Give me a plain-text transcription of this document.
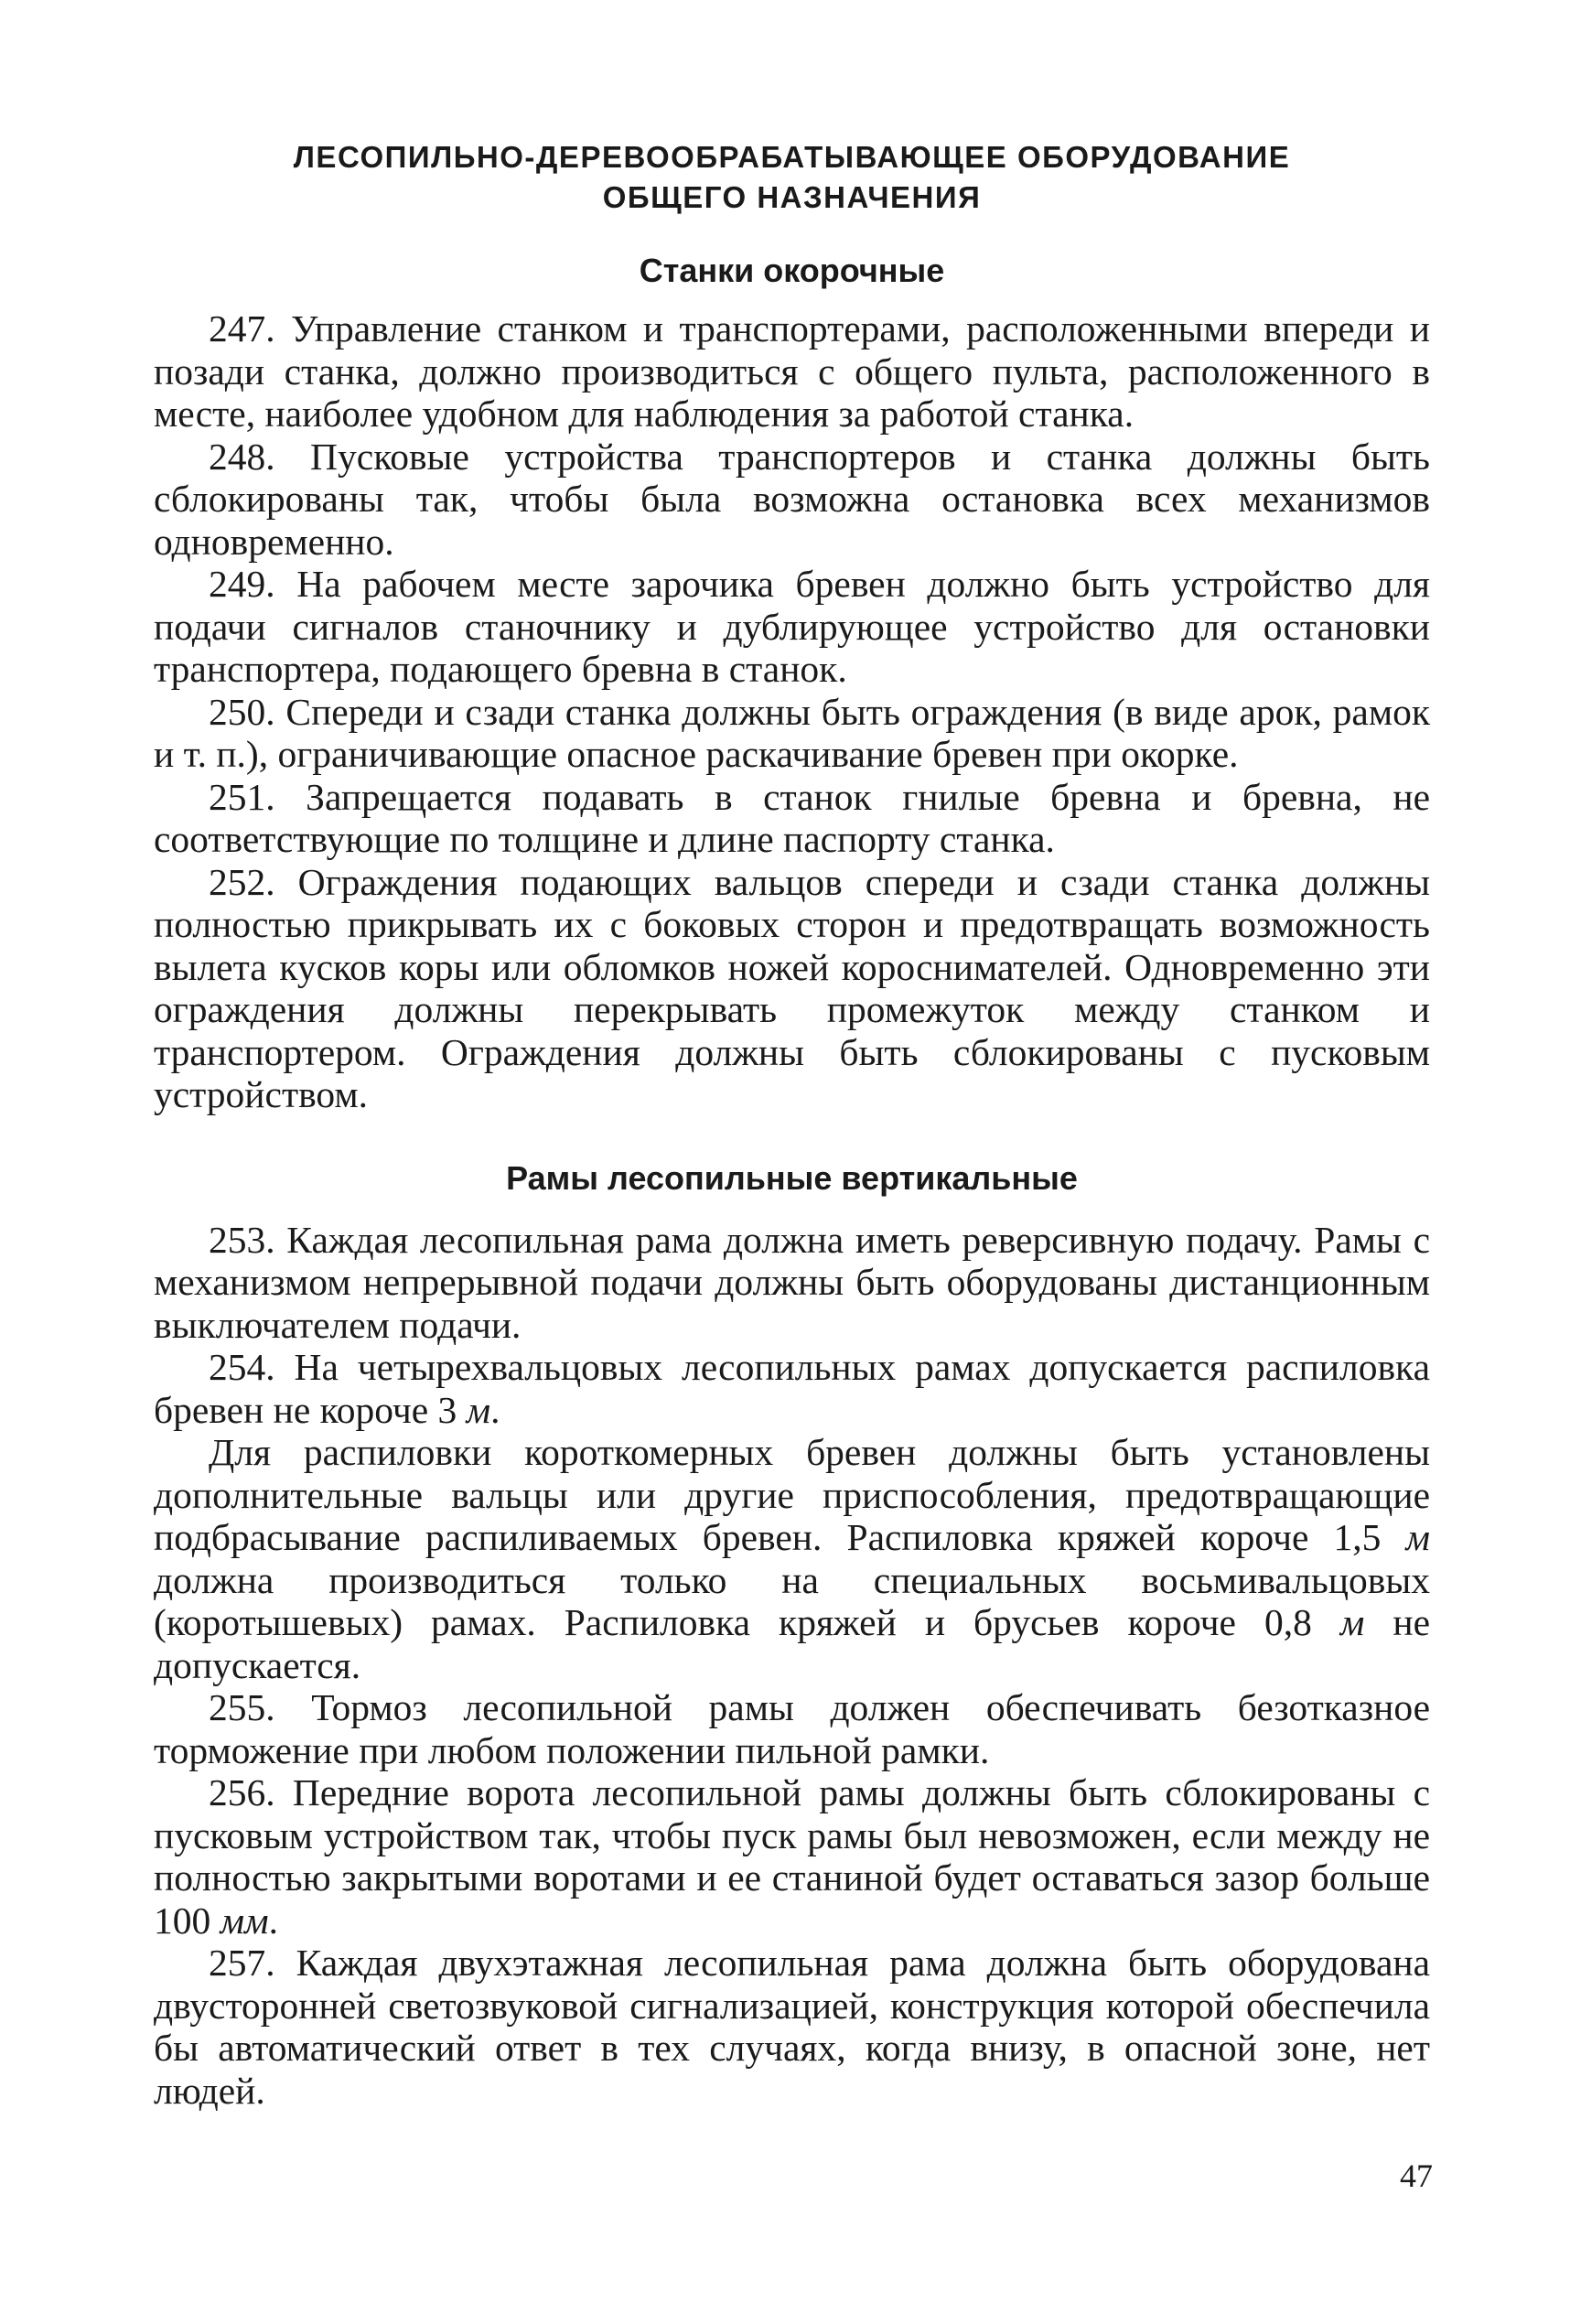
ЛЕСОПИЛЬНО-ДЕРЕВООБРАБАТЫВАЮЩЕЕ ОБОРУДОВАНИЕ
ОБЩЕГО НАЗНАЧЕНИЯ
Станки окорочные

247. Управление станком и транспортерами, расположенными впереди и позади станка, должно производиться с общего пульта, расположенного в месте, наиболее удобном для наблюдения за работой станка.

248. Пусковые устройства транспортеров и станка должны быть сблокированы так, чтобы была возможна остановка всех механизмов одновременно.

249. На рабочем месте зарочика бревен должно быть устройство для подачи сигналов станочнику и дублирующее устройство для остановки транспортера, подающего бревна в станок.

250. Спереди и сзади станка должны быть ограждения (в виде арок, рамок и т. п.), ограничивающие опасное раскачивание бревен при окорке.

251. Запрещается подавать в станок гнилые бревна и бревна, не соответствующие по толщине и длине паспорту станка.

252. Ограждения подающих вальцов спереди и сзади станка должны полностью прикрывать их с боковых сторон и предотвращать возможность вылета кусков коры или обломков ножей короснимателей. Одновременно эти ограждения должны перекрывать промежуток между станком и транспортером. Ограждения должны быть сблокированы с пусковым устройством.

Рамы лесопильные вертикальные

253. Каждая лесопильная рама должна иметь реверсивную подачу. Рамы с механизмом непрерывной подачи должны быть оборудованы дистанционным выключателем подачи.

254. На четырехвальцовых лесопильных рамах допускается распиловка бревен не короче 3 м.

Для распиловки короткомерных бревен должны быть установлены дополнительные вальцы или другие приспособления, предотвращающие подбрасывание распиливаемых бревен. Распиловка кряжей короче 1,5 м должна производиться только на специальных восьмивальцовых (коротышевых) рамах. Распиловка кряжей и брусьев короче 0,8 м не допускается.

255. Тормоз лесопильной рамы должен обеспечивать безотказное торможение при любом положении пильной рамки.

256. Передние ворота лесопильной рамы должны быть сблокированы с пусковым устройством так, чтобы пуск рамы был невозможен, если между не полностью закрытыми воротами и ее станиной будет оставаться зазор больше 100 мм.

257. Каждая двухэтажная лесопильная рама должна быть оборудована двусторонней светозвуковой сигнализацией, конструкция которой обеспечила бы автоматический ответ в тех случаях, когда внизу, в опасной зоне, нет людей.

47
